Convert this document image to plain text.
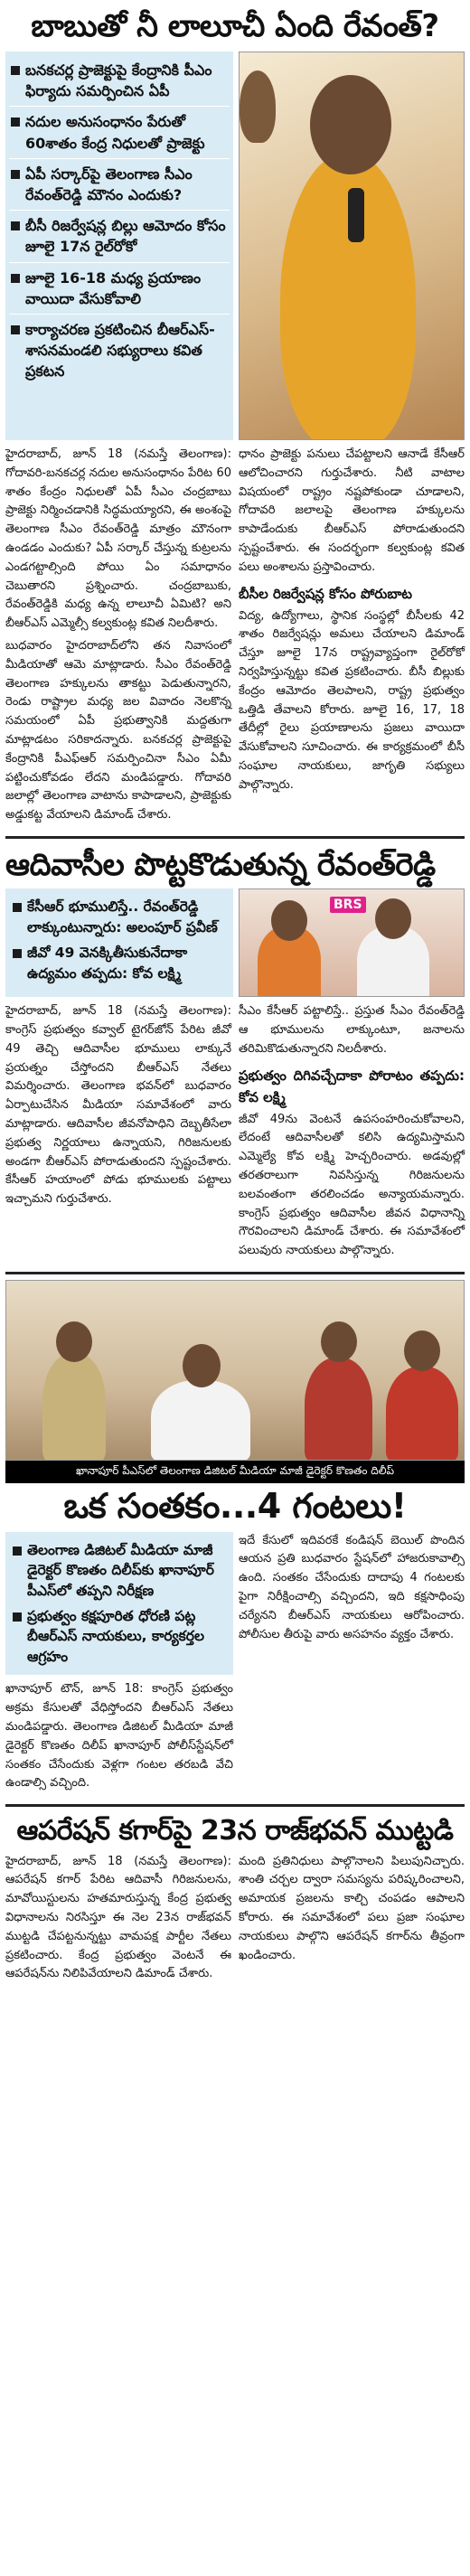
బాబుతో నీ లాలూచీ ఏంది రేవంత్‌?
బనకచర్ల ప్రాజెక్టుపై కేంద్రానికి పీఎం ఫిర్యాదు సమర్పించిన ఏపీ
నదుల అనుసంధానం పేరుతో 60శాతం కేంద్ర నిధులతో ప్రాజెక్టు
ఏపీ సర్కార్‌పై తెలంగాణ సీఎం రేవంత్‌రెడ్డి మౌనం ఎందుకు?
బీసీ రిజర్వేషన్ల బిల్లు ఆమోదం కోసం జూలై 17న రైల్‌రోకో
జూలై 16-18 మధ్య ప్రయాణం వాయిదా వేసుకోవాలి
కార్యాచరణ ప్రకటించిన బీఆర్‌ఎస్‌-శాసనమండలి సభ్యురాలు కవిత ప్రకటన

హైదరాబాద్‌, జూన్‌ 18 (నమస్తే తెలంగాణ): గోదావరి-బనకచర్ల నదుల అనుసంధానం పేరిట 60 శాతం కేంద్రం నిధులతో ఏపీ సీఎం చంద్రబాబు ప్రాజెక్టు నిర్మించడానికి సిద్ధమయ్యారని, ఈ అంశంపై తెలంగాణ సీఎం రేవంత్‌రెడ్డి మాత్రం మౌనంగా ఉండడం ఎందుకు? ఏపీ సర్కార్‌ చేస్తున్న కుట్రలను ఎండగట్టాల్సింది పోయి ఏం సమాధానం చెబుతారని ప్రశ్నించారు. చంద్రబాబుకు, రేవంత్‌రెడ్డికి మధ్య ఉన్న లాలూచీ ఏమిటి? అని బీఆర్‌ఎస్‌ ఎమ్మెల్సీ కల్వకుంట్ల కవిత నిలదీశారు.

బుధవారం హైదరాబాద్‌లోని తన నివాసంలో మీడియాతో ఆమె మాట్లాడారు. సీఎం రేవంత్‌రెడ్డి తెలంగాణ హక్కులను తాకట్టు పెడుతున్నారని, రెండు రాష్ట్రాల మధ్య జల వివాదం నెలకొన్న సమయంలో ఏపీ ప్రభుత్వానికి మద్దతుగా మాట్లాడటం సరికాదన్నారు. బనకచర్ల ప్రాజెక్టుపై కేంద్రానికి పీఎఫ్‌ఆర్‌ సమర్పించినా సీఎం ఏమీ పట్టించుకోవడం లేదని మండిపడ్డారు. గోదావరి జలాల్లో తెలంగాణ వాటాను కాపాడాలని, ప్రాజెక్టుకు అడ్డుకట్ట వేయాలని డిమాండ్‌ చేశారు.

ధానం ప్రాజెక్టు పనులు చేపట్టాలని ఆనాడే కేసీఆర్‌ ఆలోచించారని గుర్తుచేశారు. నీటి వాటాల విషయంలో రాష్ట్రం నష్టపోకుండా చూడాలని, గోదావరి జలాలపై తెలంగాణ హక్కులను కాపాడేందుకు బీఆర్‌ఎస్‌ పోరాడుతుందని స్పష్టంచేశారు. ఈ సందర్భంగా కల్వకుంట్ల కవిత పలు అంశాలను ప్రస్తావించారు.

బీసీల రిజర్వేషన్ల కోసం పోరుబాట

విద్య, ఉద్యోగాలు, స్థానిక సంస్థల్లో బీసీలకు 42 శాతం రిజర్వేషన్లు అమలు చేయాలని డిమాండ్‌ చేస్తూ జూలై 17న రాష్ట్రవ్యాప్తంగా రైల్‌రోకో నిర్వహిస్తున్నట్టు కవిత ప్రకటించారు. బీసీ బిల్లుకు కేంద్రం ఆమోదం తెలపాలని, రాష్ట్ర ప్రభుత్వం ఒత్తిడి తేవాలని కోరారు. జూలై 16, 17, 18 తేదీల్లో రైలు ప్రయాణాలను ప్రజలు వాయిదా వేసుకోవాలని సూచించారు. ఈ కార్యక్రమంలో బీసీ సంఘాల నాయకులు, జాగృతి సభ్యులు పాల్గొన్నారు.

ఆదివాసీల పొట్టకొడుతున్న రేవంత్‌రెడ్డి
కేసీఆర్‌ భూములిస్తే.. రేవంత్‌రెడ్డి లాక్కుంటున్నారు: అలంపూర్‌ ప్రవీణ్‌
జీవో 49 వెనక్కితీసుకునేదాకా ఉద్యమం తప్పదు: కోవ లక్ష్మి
BRS

హైదరాబాద్‌, జూన్‌ 18 (నమస్తే తెలంగాణ): కాంగ్రెస్‌ ప్రభుత్వం కవ్వాల్‌ టైగర్‌జోన్‌ పేరిట జీవో 49 తెచ్చి ఆదివాసీల భూములు లాక్కునే ప్రయత్నం చేస్తోందని బీఆర్‌ఎస్‌ నేతలు విమర్శించారు. తెలంగాణ భవన్‌లో బుధవారం ఏర్పాటుచేసిన మీడియా సమావేశంలో వారు మాట్లాడారు. ఆదివాసీల జీవనోపాధిని దెబ్బతీసేలా ప్రభుత్వ నిర్ణయాలు ఉన్నాయని, గిరిజనులకు అండగా బీఆర్‌ఎస్‌ పోరాడుతుందని స్పష్టంచేశారు. కేసీఆర్‌ హయాంలో పోడు భూములకు పట్టాలు ఇచ్చామని గుర్తుచేశారు.

సీఎం కేసీఆర్‌ పట్టాలిస్తే.. ప్రస్తుత సీఎం రేవంత్‌రెడ్డి ఆ భూములను లాక్కుంటూ, జనాలను తరిమికొడుతున్నారని నిలదీశారు.

ప్రభుత్వం దిగివచ్చేదాకా పోరాటం తప్పదు: కోవ లక్ష్మి

జీవో 49ను వెంటనే ఉపసంహరించుకోవాలని, లేదంటే ఆదివాసీలతో కలిసి ఉద్యమిస్తామని ఎమ్మెల్యే కోవ లక్ష్మి హెచ్చరించారు. అడవుల్లో తరతరాలుగా నివసిస్తున్న గిరిజనులను బలవంతంగా తరలించడం అన్యాయమన్నారు. కాంగ్రెస్‌ ప్రభుత్వం ఆదివాసీల జీవన విధానాన్ని గౌరవించాలని డిమాండ్‌ చేశారు. ఈ సమావేశంలో పలువురు నాయకులు పాల్గొన్నారు.

ఖానాపూర్‌ పీఎస్‌లో తెలంగాణ డిజిటల్‌ మీడియా మాజీ డైరెక్టర్‌ కొణతం దిలీప్‌
ఒక సంతకం...4 గంటలు!
తెలంగాణ డిజిటల్‌ మీడియా మాజీ డైరెక్టర్‌ కొణతం దిలీప్‌కు ఖానాపూర్‌ పీఎస్‌లో తప్పని నిరీక్షణ
ప్రభుత్వం కక్షపూరిత ధోరణి పట్ల బీఆర్‌ఎస్‌ నాయకులు, కార్యకర్తల ఆగ్రహం

ఖానాపూర్‌ టౌన్‌, జూన్‌ 18: కాంగ్రెస్‌ ప్రభుత్వం అక్రమ కేసులతో వేధిస్తోందని బీఆర్‌ఎస్‌ నేతలు మండిపడ్డారు. తెలంగాణ డిజిటల్‌ మీడియా మాజీ డైరెక్టర్‌ కొణతం దిలీప్‌ ఖానాపూర్‌ పోలీస్‌స్టేషన్‌లో సంతకం చేసేందుకు వెళ్లగా గంటల తరబడి వేచి ఉండాల్సి వచ్చింది.

ఇదే కేసులో ఇదివరకే కండిషన్‌ బెయిల్‌ పొందిన ఆయన ప్రతి బుధవారం స్టేషన్‌లో హాజరుకావాల్సి ఉంది. సంతకం చేసేందుకు దాదాపు 4 గంటలకు పైగా నిరీక్షించాల్సి వచ్చిందని, ఇది కక్షసాధింపు చర్యేనని బీఆర్‌ఎస్‌ నాయకులు ఆరోపించారు. పోలీసుల తీరుపై వారు అసహనం వ్యక్తం చేశారు.

ఆపరేషన్‌ కగార్‌పై 23న రాజ్‌భవన్‌ ముట్టడి

హైదరాబాద్‌, జూన్‌ 18 (నమస్తే తెలంగాణ): ఆపరేషన్‌ కగార్‌ పేరిట ఆదివాసీ గిరిజనులను, మావోయిస్టులను హతమారుస్తున్న కేంద్ర ప్రభుత్వ విధానాలను నిరసిస్తూ ఈ నెల 23న రాజ్‌భవన్‌ ముట్టడి చేపట్టనున్నట్టు వామపక్ష పార్టీల నేతలు ప్రకటించారు. కేంద్ర ప్రభుత్వం వెంటనే ఈ ఆపరేషన్‌ను నిలిపివేయాలని డిమాండ్‌ చేశారు.

మంది ప్రతినిధులు పాల్గొనాలని పిలుపునిచ్చారు. శాంతి చర్చల ద్వారా సమస్యను పరిష్కరించాలని, అమాయక ప్రజలను కాల్చి చంపడం ఆపాలని కోరారు. ఈ సమావేశంలో పలు ప్రజా సంఘాల నాయకులు పాల్గొని ఆపరేషన్‌ కగార్‌ను తీవ్రంగా ఖండించారు.
